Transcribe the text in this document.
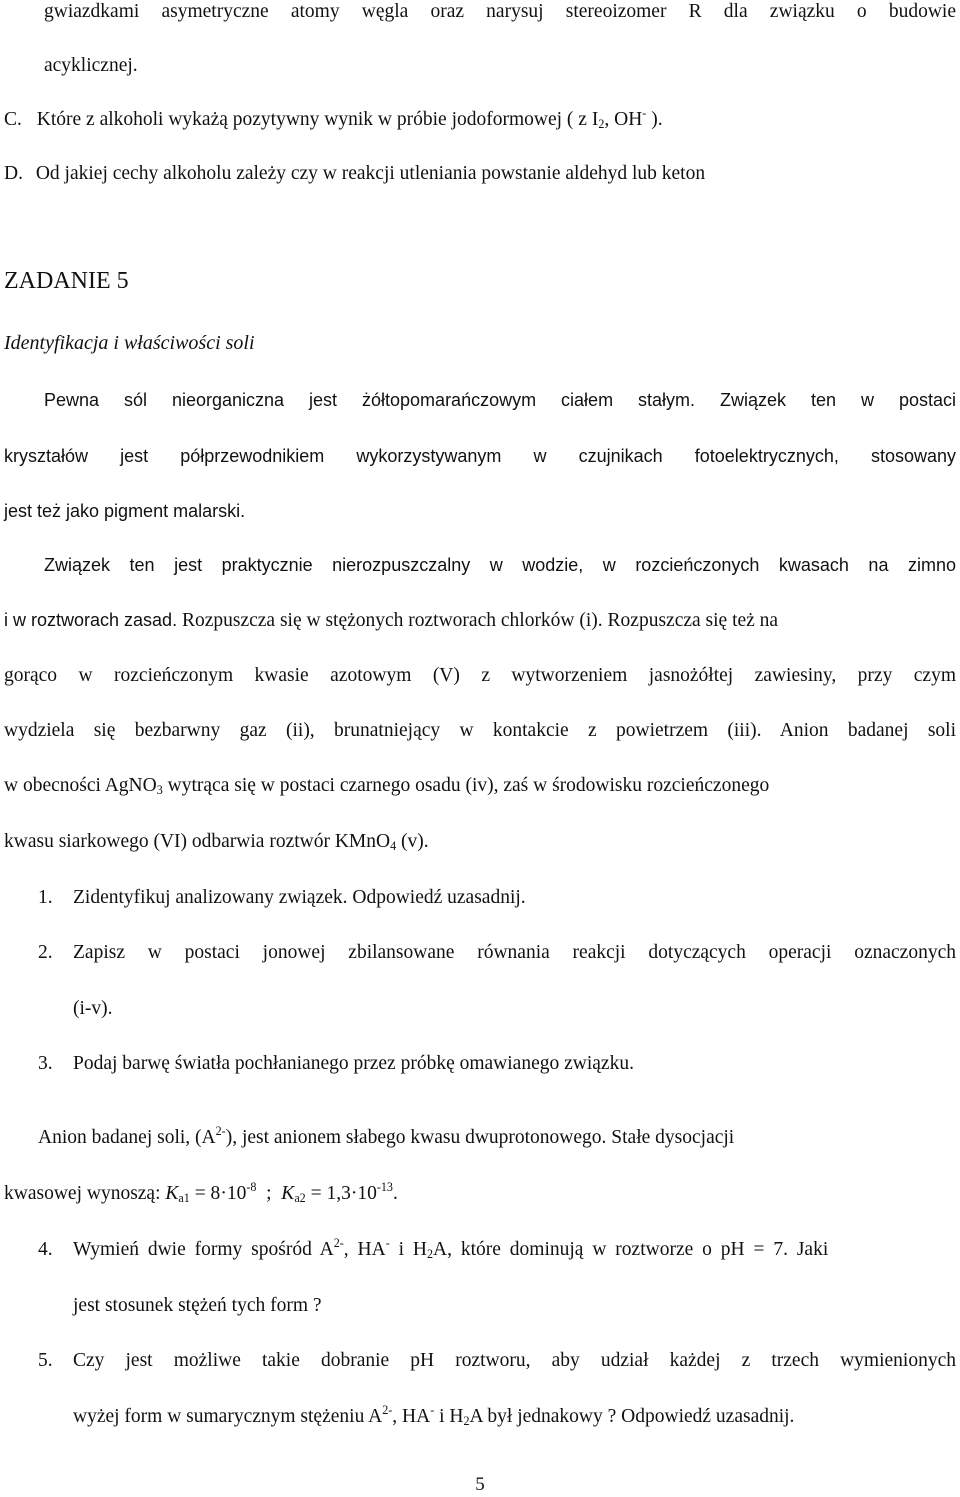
gwiazdkami asymetryczne atomy węgla oraz narysuj stereoizomer R dla związku o budowie
acyklicznej.
C. Które z alkoholi wykażą pozytywny wynik w próbie jodoformowej ( z $I_2$, OH- ).
D. Od jakiej cechy alkoholu zależy czy w reakcji utleniania powstanie aldehyd lub keton
ZADANIE 5
Identyfikacja i właściwości soli
Pewna sól nieorganiczna jest żółtopomarańczowym ciałem stałym. Związek ten w postaci
kryształów jest półprzewodnikiem wykorzystywanym w czujnikach fotoelektrycznych, stosowany
jest też jako pigment malarski.
Związek ten jest praktycznie nierozpuszczalny w wodzie, w rozcieńczonych kwasach na zimno
i w roztworach zasad. Rozpuszcza się w stężonych roztworach chlorków (i). Rozpuszcza się też na
gorąco w rozcieńczonym kwasie azotowym (V) z wytworzeniem jasnożółtej zawiesiny, przy czym
wydziela się bezbarwny gaz (ii), brunatniejący w kontakcie z powietrzem (iii). Anion badanej soli
w obecności AgNO$_3$ wytrąca się w postaci czarnego osadu (iv), zaś w środowisku rozcieńczonego
kwasu siarkowego (VI) odbarwia roztwór KMnO$_4$ (v).
1. Zidentyfikuj analizowany związek. Odpowiedź uzasadnij.
2. Zapisz w postaci jonowej zbilansowane równania reakcji dotyczących operacji oznaczonych
(i-v).
3. Podaj barwę światła pochłanianego przez próbkę omawianego związku.
Anion badanej soli, $(A^{2-})$, jest anionem słabego kwasu dwuprotonowego. Stałe dysocjacji
kwasowej wynoszą: $K_{a1} = 8\cdot 10^{-8}$  ;  $K_{a2} = 1,3\cdot 10^{-13}$.
4. Wymień dwie formy spośród $A^{2-}$, HA- i $H_2A$, które dominują w roztworze o pH = 7. Jaki
jest stosunek stężeń tych form ?
5. Czy jest możliwe takie dobranie pH roztworu, aby udział każdej z trzech wymienionych
wyżej form w sumarycznym stężeniu $A^{2-}$, HA- i $H_2A$ był jednakowy ? Odpowiedź uzasadnij.
5
